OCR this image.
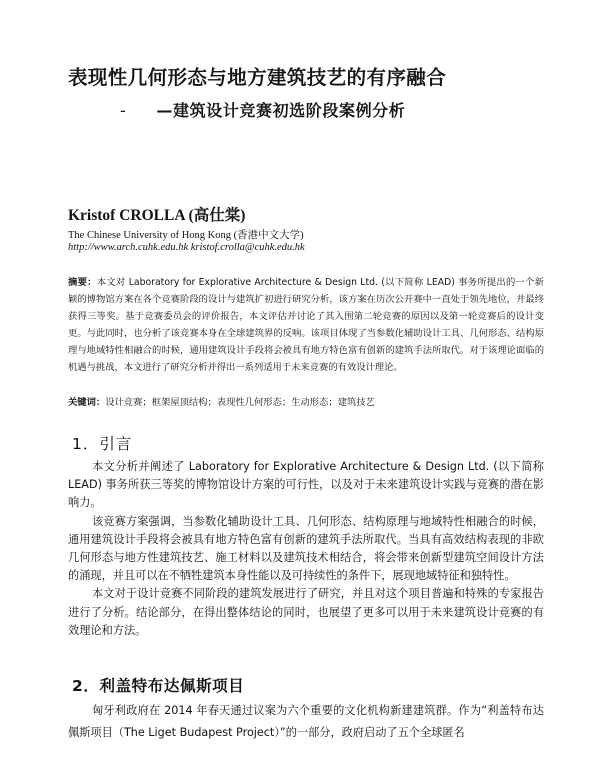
表现性几何形态与地方建筑技艺的有序融合
- —建筑设计竞赛初选阶段案例分析
Kristof CROLLA (高仕棠)
The Chinese University of Hong Kong (香港中文大学)
http://www.arch.cuhk.edu.hk kristof.crolla@cuhk.edu.hk
摘要：本文对 Laboratory for Explorative Architecture & Design Ltd. (以下简称 LEAD) 事务所提出的一个新颖的博物馆方案在各个竞赛阶段的设计与建筑扩初进行研究分析，该方案在历次公开赛中一直处于领先地位，并最终获得三等奖。基于竞赛委员会的评价报告，本文评估并讨论了其入围第二轮竞赛的原因以及第一轮竞赛后的设计变更。与此同时，也分析了该竞赛本身在全球建筑界的反响。该项目体现了当参数化辅助设计工具、几何形态、结构原理与地域特性相融合的时候，通用建筑设计手段将会被具有地方特色富有创新的建筑手法所取代。对于该理论面临的机遇与挑战，本文进行了研究分析并得出一系列适用于未来竞赛的有效设计理论。
关键词：设计竞赛；框架屋顶结构；表现性几何形态；生动形态；建筑技艺
1．引言

本文分析并阐述了 Laboratory for Explorative Architecture & Design Ltd. (以下简称 LEAD) 事务所获三等奖的博物馆设计方案的可行性，以及对于未来建筑设计实践与竞赛的潜在影响力。

该竞赛方案强调，当参数化辅助设计工具、几何形态、结构原理与地域特性相融合的时候，通用建筑设计手段将会被具有地方特色富有创新的建筑手法所取代。当具有高效结构表现的非欧几何形态与地方性建筑技艺、施工材料以及建筑技术相结合，将会带来创新型建筑空间设计方法的涌现，并且可以在不牺牲建筑本身性能以及可持续性的条件下，展现地域特征和独特性。

本文对于设计竞赛不同阶段的建筑发展进行了研究，并且对这个项目普遍和特殊的专家报告进行了分析。结论部分，在得出整体结论的同时，也展望了更多可以用于未来建筑设计竞赛的有效理论和方法。

2．利盖特布达佩斯项目

匈牙利政府在 2014 年春天通过议案为六个重要的文化机构新建建筑群。作为“利盖特布达佩斯项目（The Liget Budapest Project）”的一部分，政府启动了五个全球匿名
